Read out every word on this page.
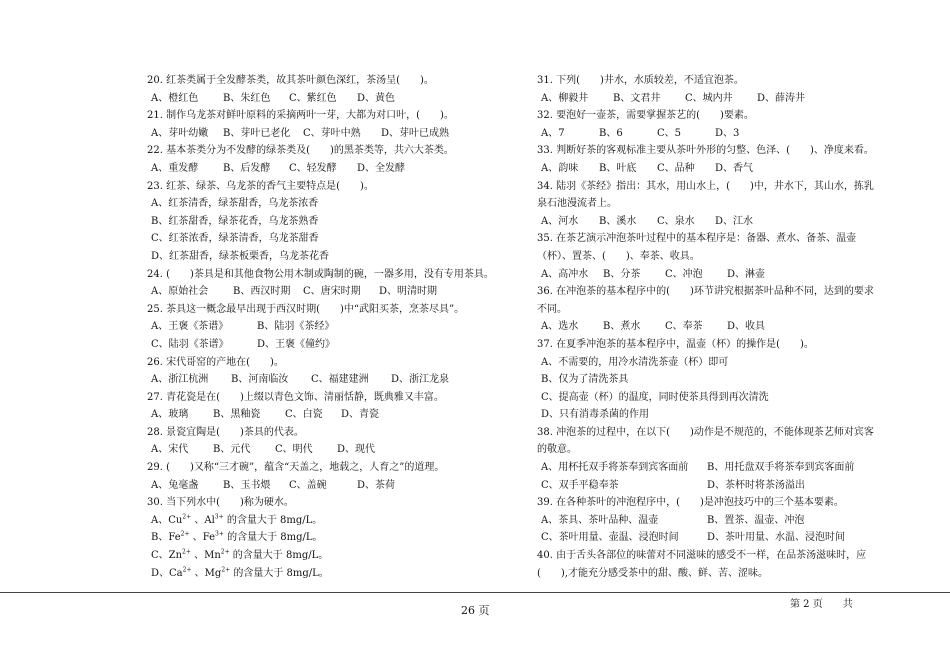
20. 红茶类属于全发酵茶类，故其茶叶颜色深红，茶汤呈(　　)。

A、橙红色	B、朱红色	C、紫红色	D、黄色

21. 制作乌龙茶对鲜叶原料的采摘两叶一芽，大都为对口叶，(　　)。

A、芽叶幼嫩	B、芽叶已老化	C、芽叶中熟	D、芽叶已成熟

22. 基本茶类分为不发酵的绿茶类及(　　)的黑茶类等，共六大茶类。

A、重发酵	B、后发酵	C、轻发酵	D、全发酵

23. 红茶、绿茶、乌龙茶的香气主要特点是(　　)。

A、红茶清香，绿茶甜香，乌龙茶浓香

B、红茶甜香，绿茶花香，乌龙茶熟香

C、红茶浓香，绿茶清香，乌龙茶甜香

D、红茶甜香，绿茶板栗香，乌龙茶花香

24. (　　)茶具是和其他食物公用木制或陶制的碗，一器多用，没有专用茶具。

A、原始社会	B、西汉时期	C、唐宋时期	D、明清时期

25. 茶具这一概念最早出现于西汉时期(　　)中“武阳买茶，烹茶尽具”。

A、王褒《茶谱》	B、陆羽《茶经》
C、陆羽《茶谱》	D、王褒《僮约》

26. 宋代哥窑的产地在(　　)。

A、浙江杭洲	B、河南临汝	C、福建建洲	D、浙江龙泉

27. 青花瓷是在(　　)上缀以青色文饰、清丽恬静，既典雅又丰富。

A、玻璃	B、黑釉瓷	C、白瓷	D、青瓷

28. 景瓷宜陶是(　　)茶具的代表。

A、宋代	B、元代	C、明代	D、现代

29. (　　)又称“三才碗”，蕴含“天盖之，地载之，人育之”的道理。

A、兔毫盏	B、玉书煨	C、盖碗	D、茶荷

30. 当下列水中(　　)称为硬水。

A、$Cu^{2+}$ 、$Al^{3+}$ 的含量大于 8mg/L。

B、$Fe^{2+}$ 、$Fe^{3+}$ 的含量大于 8mg/L。

C、$Zn^{2+}$ 、$Mn^{2+}$ 的含量大于 8mg/L。

D、$Ca^{2+}$ 、$Mg^{2+}$ 的含量大于 8mg/L。

31. 下列(　　)井水，水质较差，不适宜泡茶。

A、柳毅井	B、文君井	C、城内井	D、薛涛井

32. 要泡好一壶茶，需要掌握茶艺的(　　)要素。

A、7	B、6	C、5	D、3

33. 判断好茶的客观标准主要从茶叶外形的匀整、色泽、(　　)、净度来看。

A、韵味	B、叶底	C、品种	D、香气

34. 陆羽《茶经》指出：其水，用山水上，(　　)中，井水下，其山水，拣乳泉石池漫流者上。

A、河水	B、溪水	C、泉水	D、江水

35. 在茶艺演示冲泡茶叶过程中的基本程序是：备器、煮水、备茶、温壶（杯）、置茶、(　　)、奉茶、收具。

A、高冲水	B、分茶	C、冲泡	D、淋壶

36. 在冲泡茶的基本程序中的(　　)环节讲究根据茶叶品种不同，达到的要求不同。

A、选水	B、煮水	C、奉茶	D、收具

37. 在夏季冲泡茶的基本程序中，温壶（杯）的操作是(　　)。

A、不需要的，用冷水清洗茶壶（杯）即可

B、仅为了清洗茶具

C、提高壶（杯）的温度，同时使茶具得到再次清洗

D、只有消毒杀菌的作用

38. 冲泡茶的过程中，在以下(　　)动作是不规范的，不能体现茶艺师对宾客的敬意。

A、用杯托双手将茶奉到宾客面前	B、用托盘双手将茶奉到宾客面前
C、双手平稳奉茶	D、茶杯时将茶汤溢出

39. 在各种茶叶的冲泡程序中，(　　)是冲泡技巧中的三个基本要素。

A、茶具、茶叶品种、温壶	B、置茶、温壶、冲泡
C、茶叶用量、壶温、浸泡时间	D、茶叶用量、水温、浸泡时间

40. 由于舌头各部位的味蕾对不同滋味的感受不一样，在品茶汤滋味时，应(　　),才能充分感受茶中的甜、酸、鲜、苦、涩味。

第 2 页　　共
26 页
